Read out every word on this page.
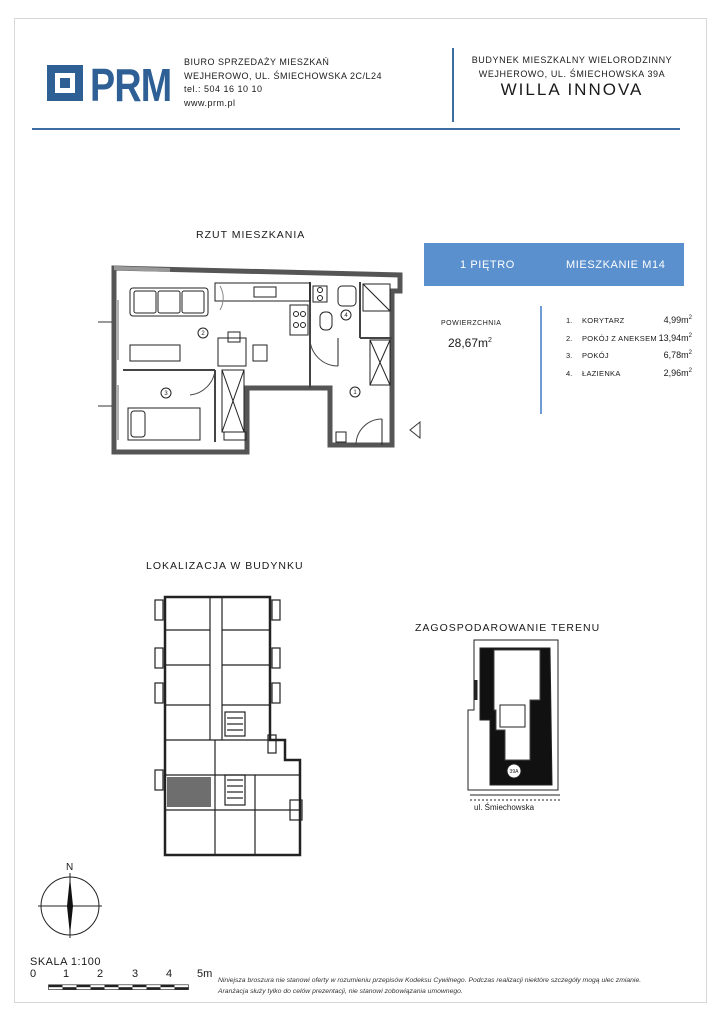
PRM BIURO SPRZEDAŻY MIESZKAŃ
WEJHEROWO, UL. ŚMIECHOWSKA 2C/L24
tel.: 504 16 10 10
www.prm.pl
BUDYNEK MIESZKALNY WIELORODZINNY
WEJHEROWO, UL. ŚMIECHOWSKA 39A
WILLA INNOVA
RZUT MIESZKANIA
2
3
4
1
1 PIĘTRO	MIESZKANIE M14
POWIERZCHNIA
$28,67m^2$
1. KORYTARZ	$4,99m^2$
2. POKÓJ Z ANEKSEM $13,94m^2$
3. POKÓJ	$6,78m^2$
4. ŁAZIENKA	$2,96m^2$
LOKALIZACJA W BUDYNKU
ZAGOSPODAROWANIE TERENU
39A
ul. Śmiechowska
N
SKALA 1:100
0 1	2	3	4 5m
Niniejsza broszura nie stanowi oferty w rozumieniu przepisów Kodeksu Cywilnego. Podczas realizacji niektóre szczegóły mogą ulec zmianie.
Aranżacja służy tylko do celów prezentacji, nie stanowi zobowiązania umownego.
